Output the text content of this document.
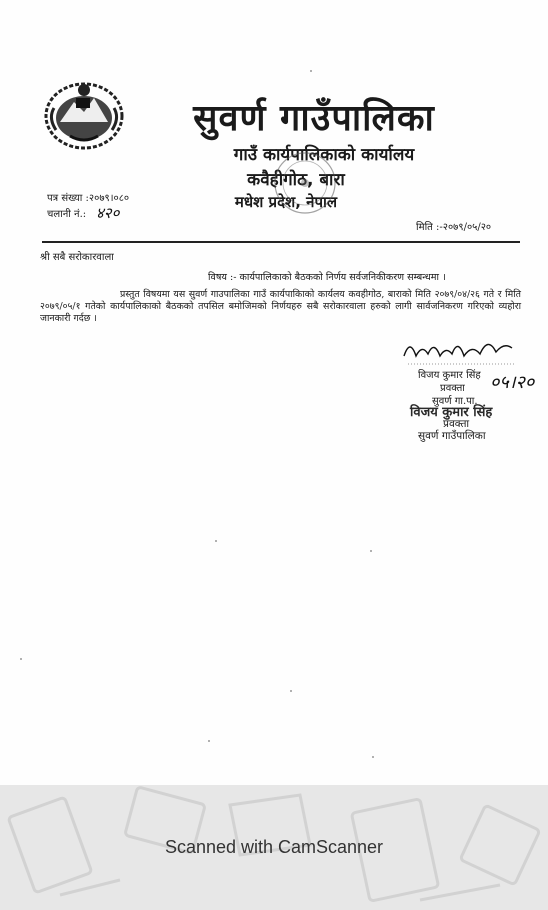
सुवर्ण गाउँपालिका
गाउँ कार्यपालिकाको कार्यालय
कवैहीगोठ, बारा
मधेश प्रदेश, नेपाल
पत्र संख्या :२०७९।०८०
चलानी नं.: ४२०
मिति :-२०७९/०५/२०
श्री सबै सरोकारवाला
विषय :- कार्यपालिकाको बैठकको निर्णय सर्वजनिकीकरण सम्बन्धमा ।

प्रस्तुत विषयमा यस सुवर्ण गाउपालिका गाउँ कार्यपाकिाको कार्यलय कवहीगोठ, बाराको मिति २०७९/०४/२६ गते र मिति २०७९/०५/१ गतेको कार्यपालिकाको बैठकको तपसिल बमोजिमको निर्णयहरु सबै सरोकारवाला हरुको लागी सार्वजनिकरण गरिएको व्यहोरा जानकारी गर्दछ ।

विजय कुमार सिंह
प्रवक्ता
सुवर्ण गा.पा.
०५।२०
विजय कुमार सिंह
प्रवक्ता
सुवर्ण गाउँपालिका
Scanned with CamScanner
